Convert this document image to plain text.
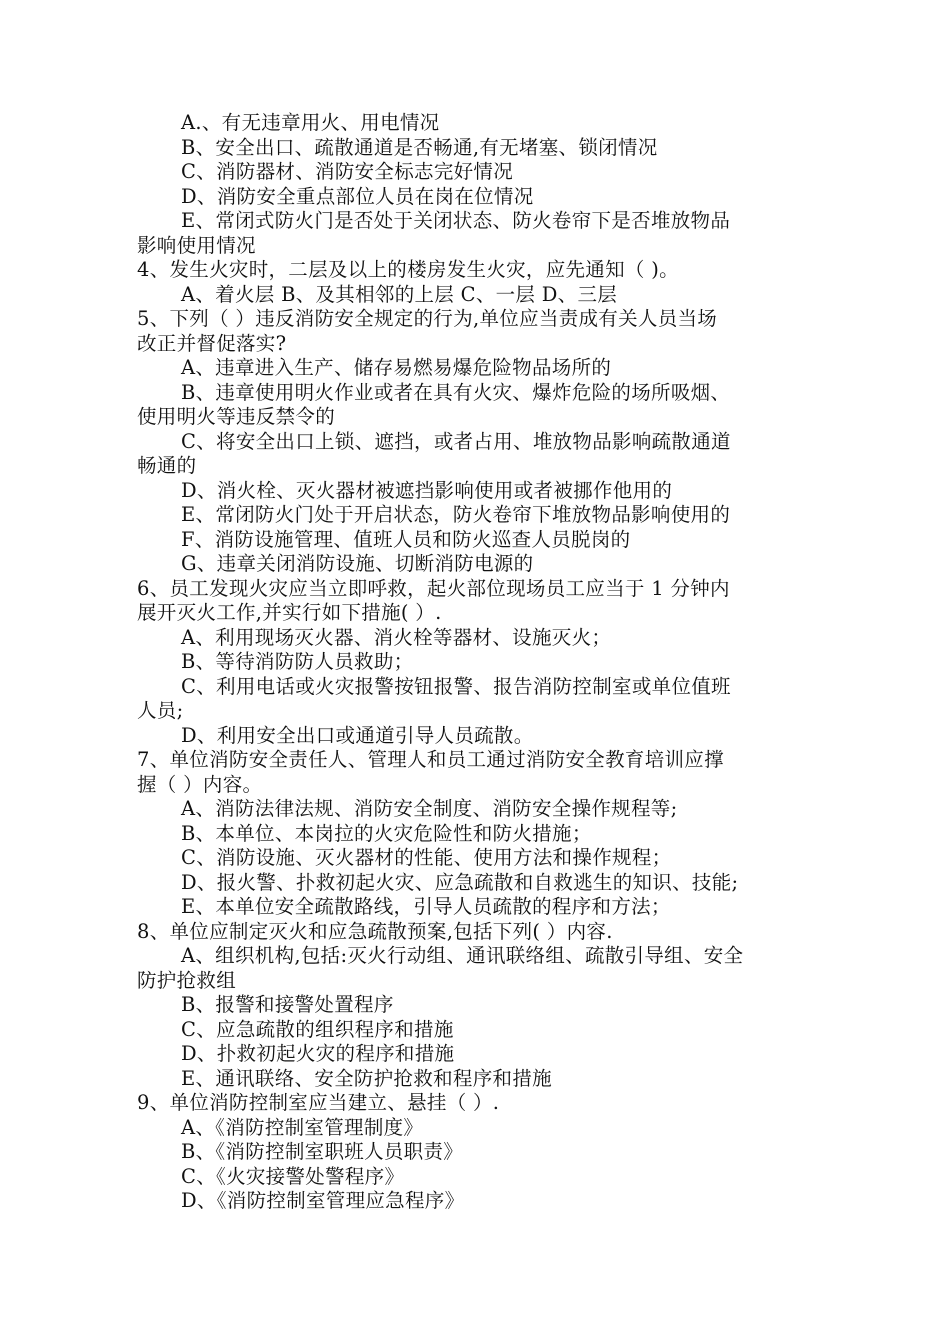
A.、有无违章用火、用电情况
B、安全出口、疏散通道是否畅通,有无堵塞、锁闭情况
C、消防器材、消防安全标志完好情况
D、消防安全重点部位人员在岗在位情况
E、常闭式防火门是否处于关闭状态、防火卷帘下是否堆放物品
影响使用情况
4、发生火灾时，二层及以上的楼房发生火灾，应先通知（ )。
A、着火层 B、及其相邻的上层 C、一层 D、三层
5、下列（ ）违反消防安全规定的行为,单位应当责成有关人员当场
改正并督促落实?
A、违章进入生产、储存易燃易爆危险物品场所的
B、违章使用明火作业或者在具有火灾、爆炸危险的场所吸烟、
使用明火等违反禁令的
C、将安全出口上锁、遮挡，或者占用、堆放物品影响疏散通道
畅通的
D、消火栓、灭火器材被遮挡影响使用或者被挪作他用的
E、常闭防火门处于开启状态，防火卷帘下堆放物品影响使用的
F、消防设施管理、值班人员和防火巡查人员脱岗的
G、违章关闭消防设施、切断消防电源的
6、员工发现火灾应当立即呼救，起火部位现场员工应当于 1 分钟内
展开灭火工作,并实行如下措施( ）.
A、利用现场灭火器、消火栓等器材、设施灭火；
B、等待消防防人员救助；
C、利用电话或火灾报警按钮报警、报告消防控制室或单位值班
人员;
D、利用安全出口或通道引导人员疏散。
7、单位消防安全责任人、管理人和员工通过消防安全教育培训应撑
握（ ）内容。
A、消防法律法规、消防安全制度、消防安全操作规程等;
B、本单位、本岗拉的火灾危险性和防火措施；
C、消防设施、灭火器材的性能、使用方法和操作规程；
D、报火警、扑救初起火灾、应急疏散和自救逃生的知识、技能;
E、本单位安全疏散路线，引导人员疏散的程序和方法；
8、单位应制定灭火和应急疏散预案,包括下列( ）内容.
A、组织机构,包括:灭火行动组、通讯联络组、疏散引导组、安全
防护抢救组
B、报警和接警处置程序
C、应急疏散的组织程序和措施
D、扑救初起火灾的程序和措施
E、通讯联络、安全防护抢救和程序和措施
9、单位消防控制室应当建立、悬挂（ ）.
A、《消防控制室管理制度》
B、《消防控制室职班人员职责》
C、《火灾接警处警程序》
D、《消防控制室管理应急程序》
